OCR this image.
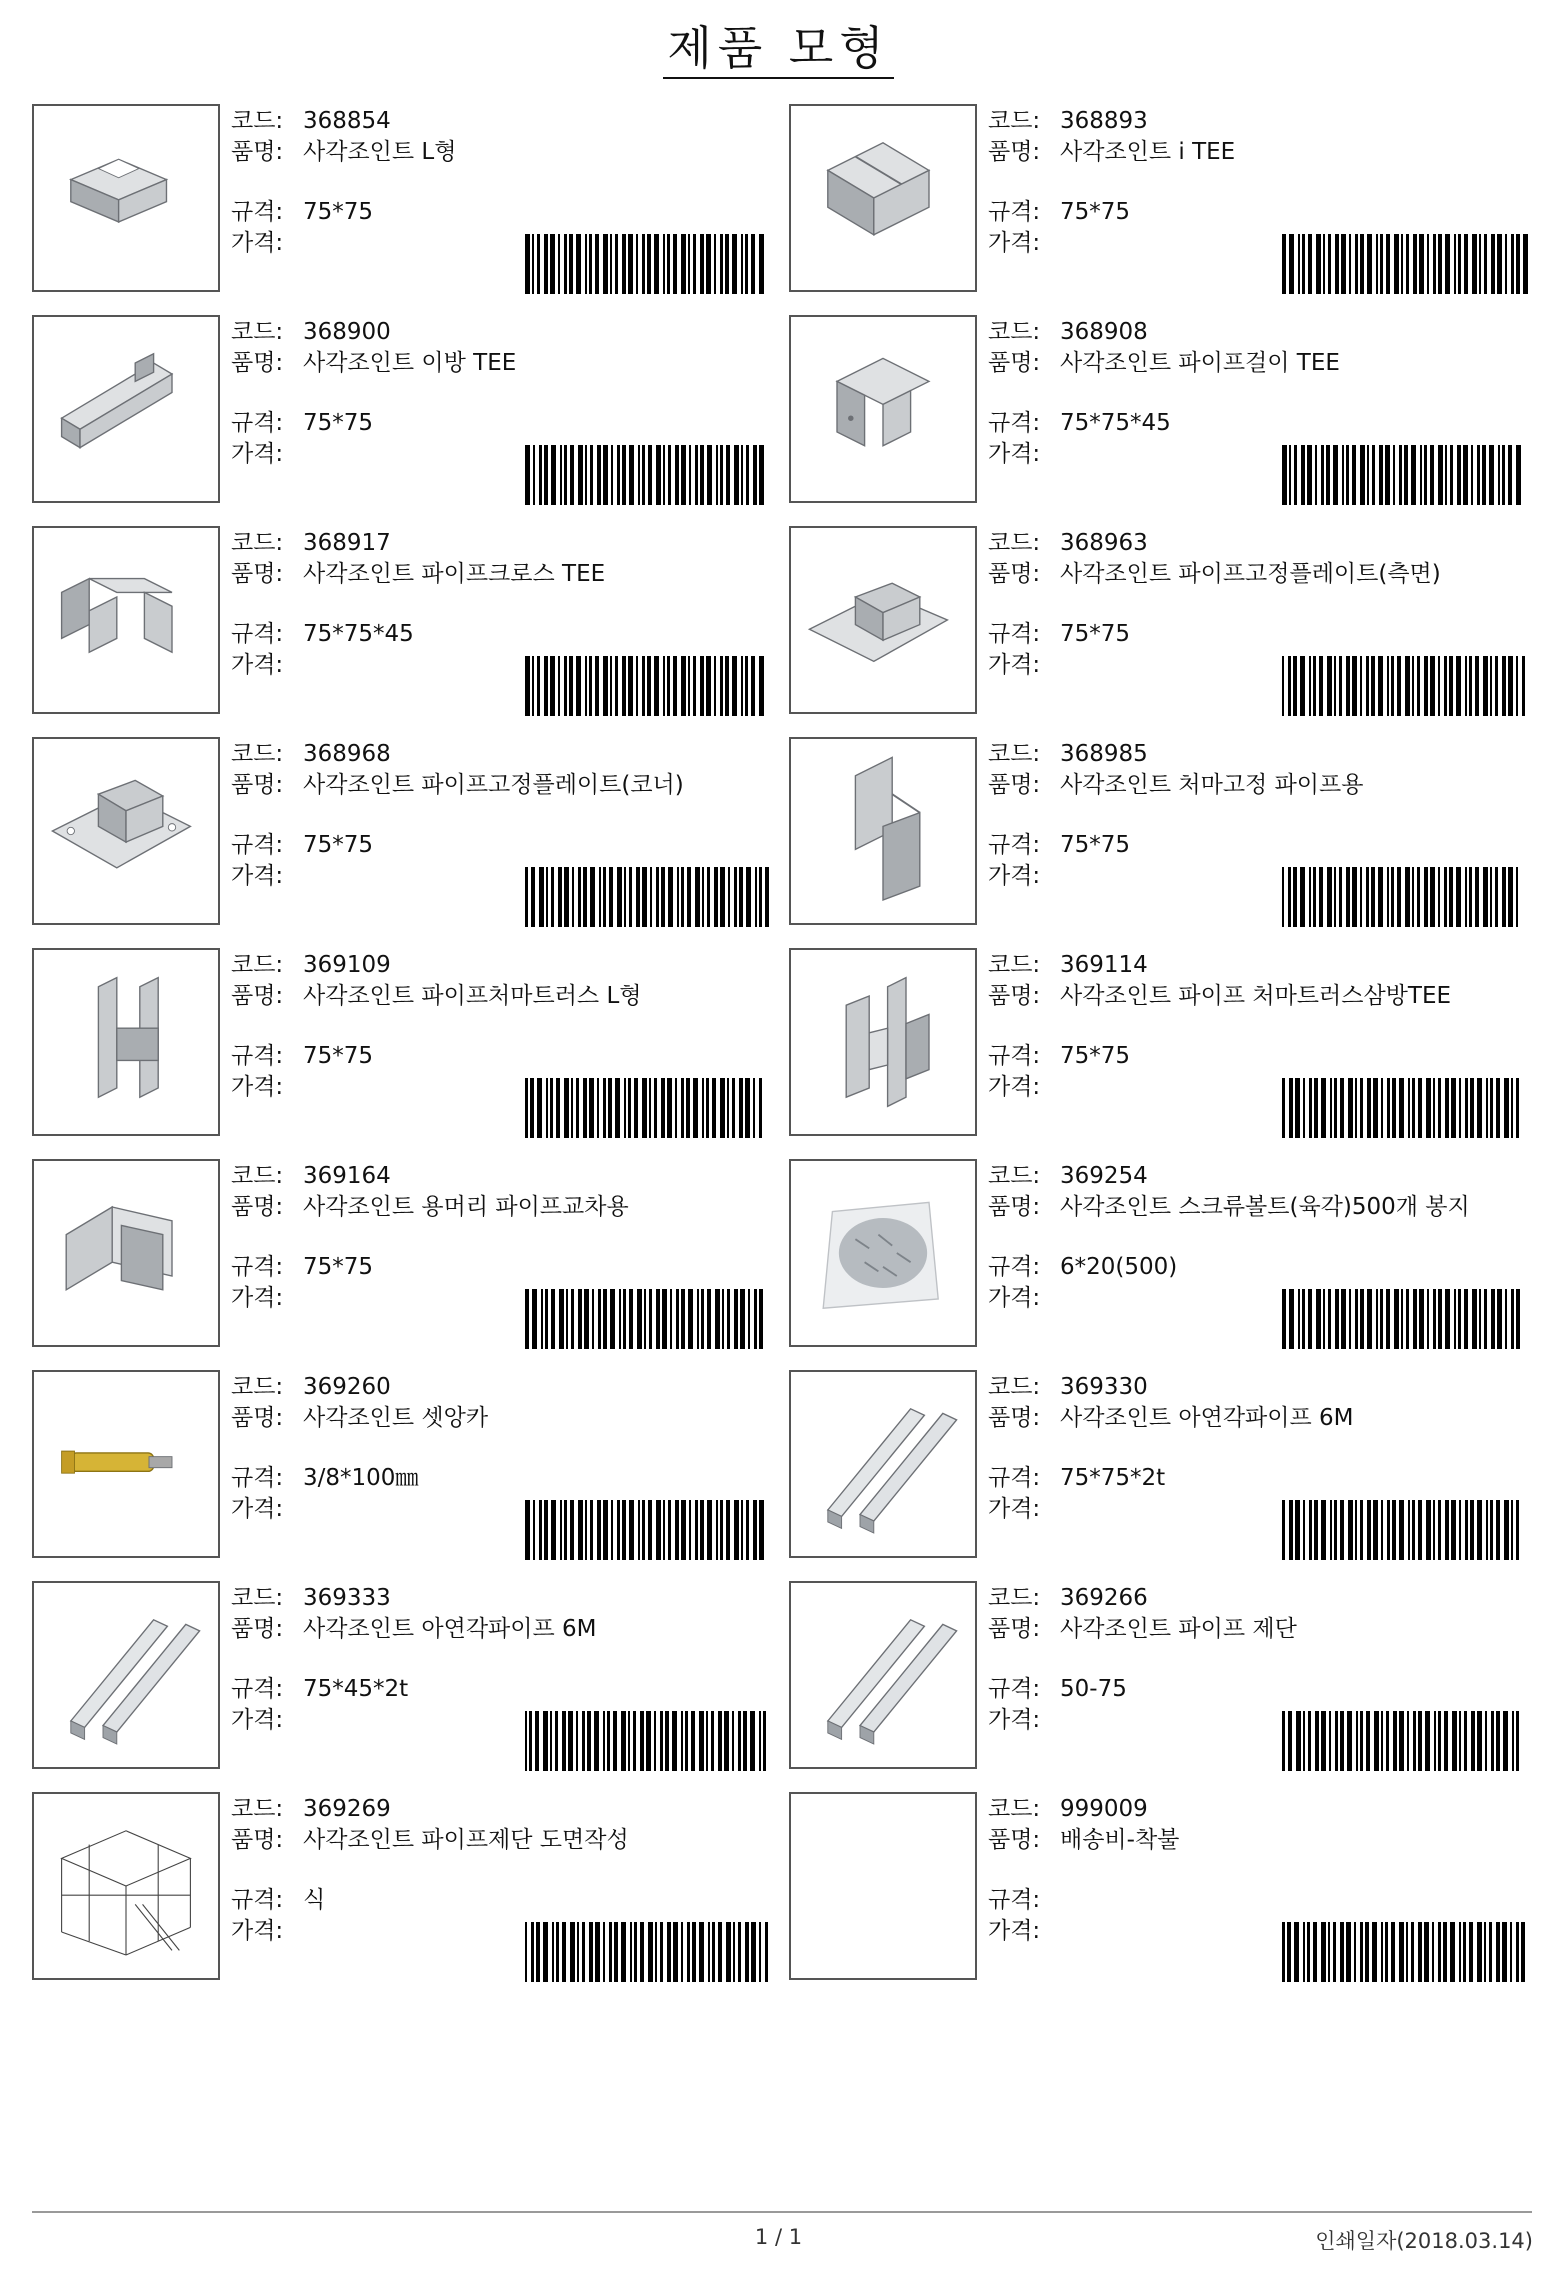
제품 모형
코드: 368854
품명: 사각조인트 L형
규격: 75*75
가격:
코드: 368893
품명: 사각조인트 i TEE
규격: 75*75
가격:
코드: 368900
품명: 사각조인트 이방 TEE
규격: 75*75
가격:
코드: 368908
품명: 사각조인트 파이프걸이 TEE
규격: 75*75*45
가격:
코드: 368917
품명: 사각조인트 파이프크로스 TEE
규격: 75*75*45
가격:
코드: 368963
품명: 사각조인트 파이프고정플레이트(측면)
규격: 75*75
가격:
코드: 368968
품명: 사각조인트 파이프고정플레이트(코너)
규격: 75*75
가격:
코드: 368985
품명: 사각조인트 처마고정 파이프용
규격: 75*75
가격:
코드: 369109
품명: 사각조인트 파이프처마트러스 L형
규격: 75*75
가격:
코드: 369114
품명: 사각조인트 파이프 처마트러스삼방TEE
규격: 75*75
가격:
코드: 369164
품명: 사각조인트 용머리 파이프교차용
규격: 75*75
가격:
코드: 369254
품명: 사각조인트 스크류볼트(육각)500개 봉지
규격: 6*20(500)
가격:
코드: 369260
품명: 사각조인트 셋앙카
규격: 3/8*100㎜
가격:
코드: 369330
품명: 사각조인트 아연각파이프 6M
규격: 75*75*2t
가격:
코드: 369333
품명: 사각조인트 아연각파이프 6M
규격: 75*45*2t
가격:
코드: 369266
품명: 사각조인트 파이프 제단
규격: 50-75
가격:
코드: 369269
품명: 사각조인트 파이프제단 도면작성
규격: 식
가격:
코드: 999009
품명: 배송비-착불
규격:
가격:
1 / 1	인쇄일자(2018.03.14)
